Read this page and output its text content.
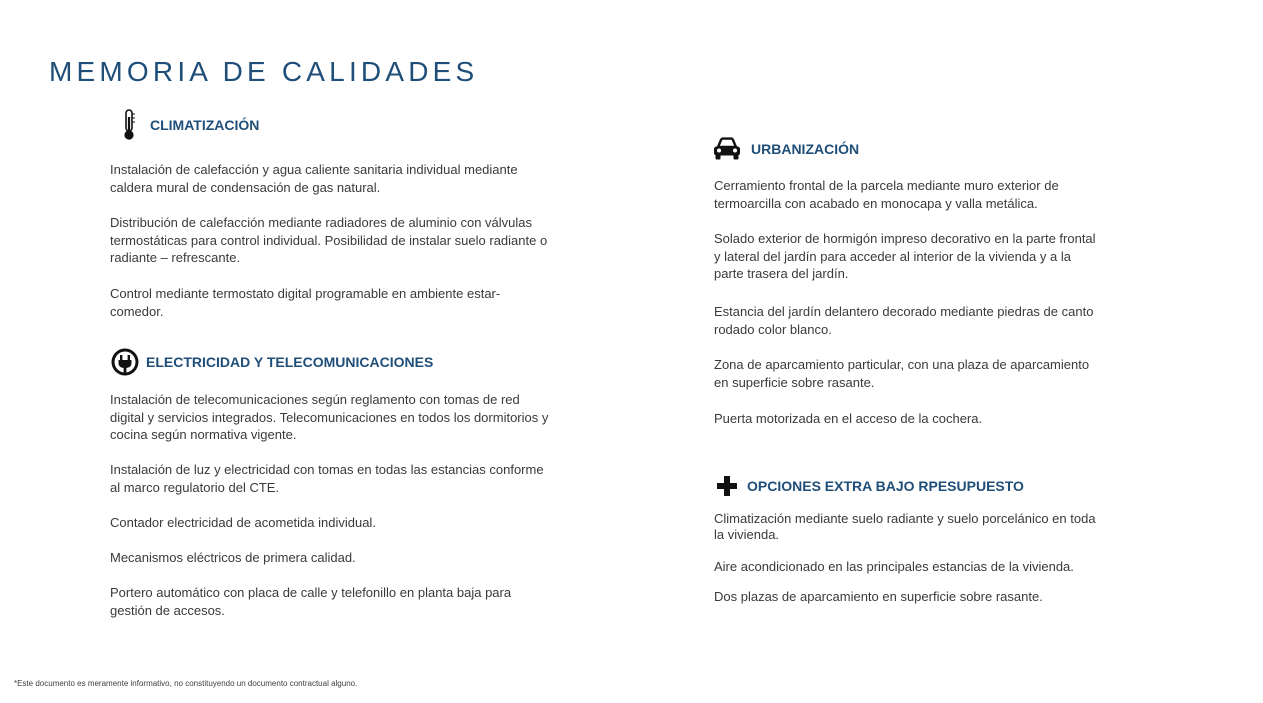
MEMORIA DE CALIDADES
CLIMATIZACIÓN

Instalación de calefacción y agua caliente sanitaria individual mediante caldera mural de condensación de gas natural.

Distribución de calefacción mediante radiadores de aluminio con válvulas termostáticas para control individual. Posibilidad de instalar suelo radiante o radiante – refrescante.

Control mediante termostato digital programable en ambiente estar-comedor.

ELECTRICIDAD Y TELECOMUNICACIONES

Instalación de telecomunicaciones según reglamento con tomas de red digital y servicios integrados. Telecomunicaciones en todos los dormitorios y cocina según normativa vigente.

Instalación de luz y electricidad con tomas en todas las estancias conforme al marco regulatorio del CTE.

Contador electricidad de acometida individual.

Mecanismos eléctricos de primera calidad.

Portero automático con placa de calle y telefonillo en planta baja para gestión de accesos.

URBANIZACIÓN

Cerramiento frontal de la parcela mediante muro exterior de termoarcilla con acabado en monocapa y valla metálica.

Solado exterior de hormigón impreso decorativo en la parte frontal y lateral del jardín para acceder al interior de la vivienda y a la parte trasera del jardín.

Estancia del jardín delantero decorado mediante piedras de canto rodado color blanco.

Zona de aparcamiento particular, con una plaza de aparcamiento en superficie sobre rasante.

Puerta motorizada en el acceso de la cochera.

OPCIONES EXTRA BAJO RPESUPUESTO

Climatización mediante suelo radiante y suelo porcelánico en toda la vivienda.

Aire acondicionado en las principales estancias de la vivienda.

Dos plazas de aparcamiento en superficie sobre rasante.

*Este documento es meramente informativo, no constituyendo un documento contractual alguno.
